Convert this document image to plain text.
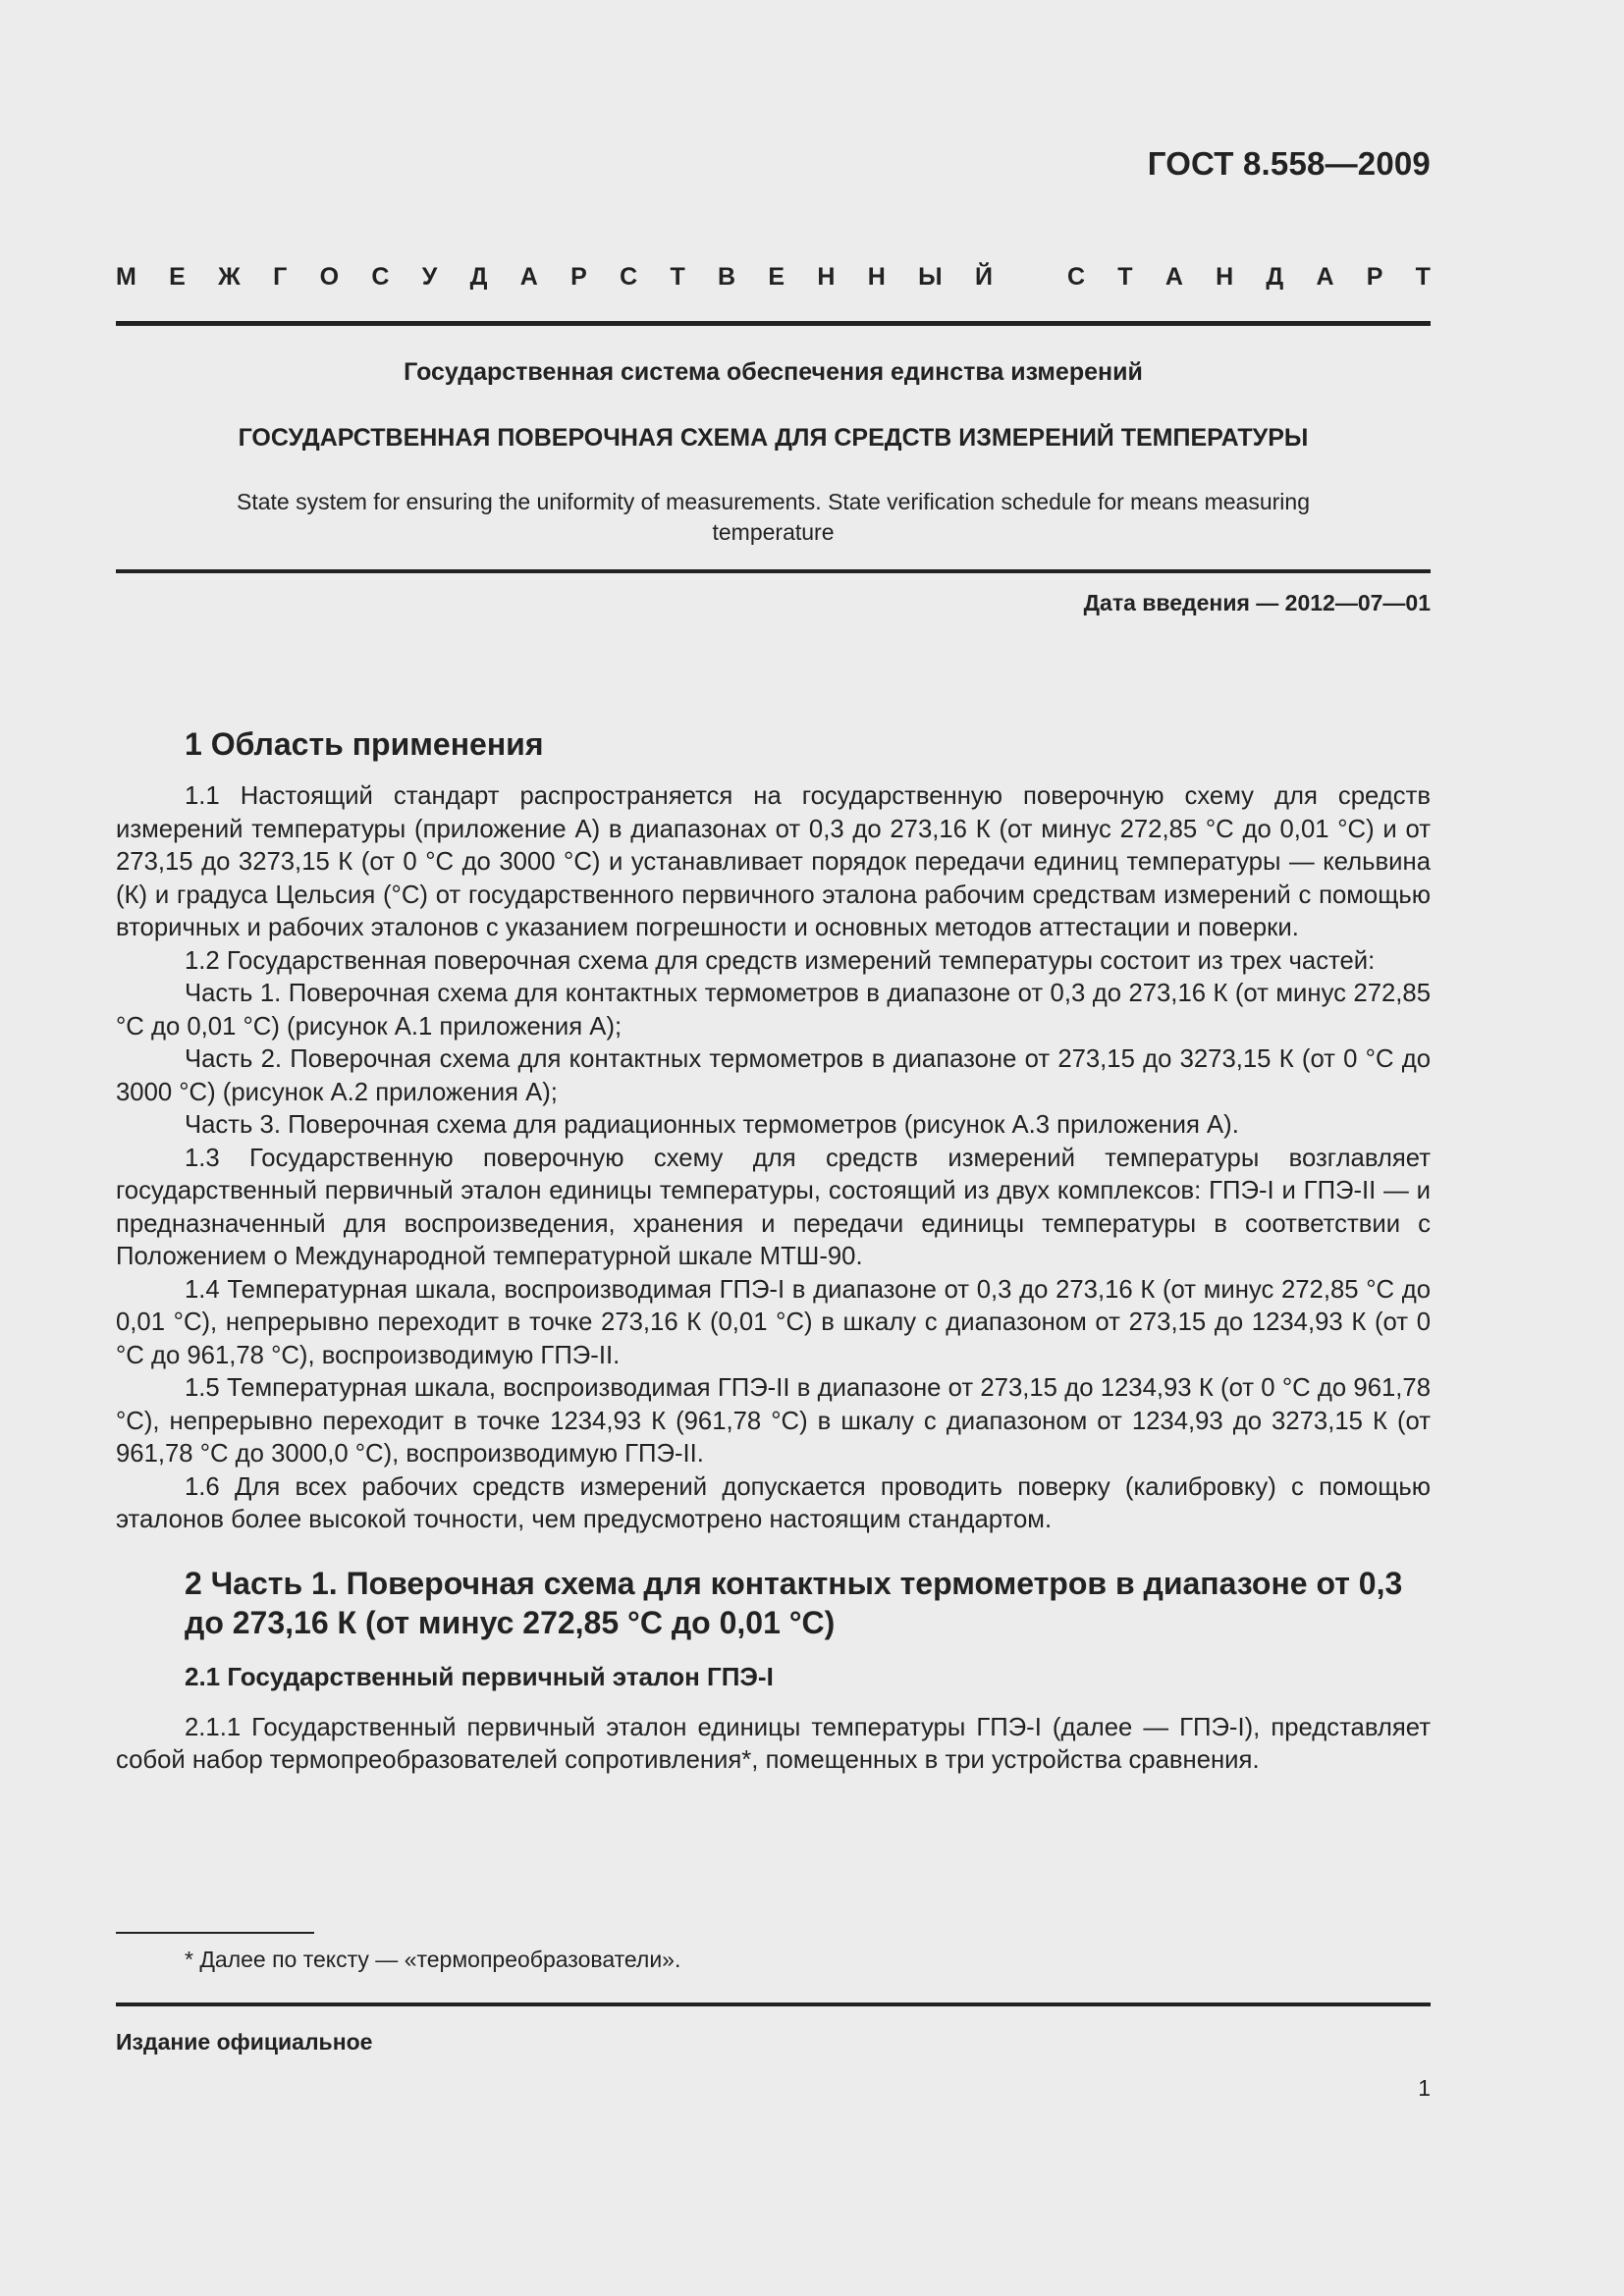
ГОСТ 8.558—2009
М Е Ж Г О С У Д А Р С Т В Е Н Н Ы Й	С Т А Н Д А Р Т
Государственная система обеспечения единства измерений
ГОСУДАРСТВЕННАЯ ПОВЕРОЧНАЯ СХЕМА ДЛЯ СРЕДСТВ ИЗМЕРЕНИЙ ТЕМПЕРАТУРЫ
State system for ensuring the uniformity of measurements. State verification schedule for means measuring temperature
Дата введения — 2012—07—01
1 Область применения

1.1 Настоящий стандарт распространяется на государственную поверочную схему для средств измерений температуры (приложение А) в диапазонах от 0,3 до 273,16 К (от минус 272,85 °С до 0,01 °С) и от 273,15 до 3273,15 К (от 0 °С до 3000 °С) и устанавливает порядок передачи единиц температуры — кельвина (К) и градуса Цельсия (°С) от государственного первичного эталона рабочим средствам измерений с помощью вторичных и рабочих эталонов с указанием погрешности и основных методов аттестации и поверки.

1.2 Государственная поверочная схема для средств измерений температуры состоит из трех частей:

Часть 1. Поверочная схема для контактных термометров в диапазоне от 0,3 до 273,16 К (от минус 272,85 °С до 0,01 °С) (рисунок А.1 приложения А);

Часть 2. Поверочная схема для контактных термометров в диапазоне от 273,15 до 3273,15 К (от 0 °С до 3000 °С) (рисунок А.2 приложения А);

Часть 3. Поверочная схема для радиационных термометров (рисунок А.3 приложения А).

1.3 Государственную поверочную схему для средств измерений температуры возглавляет государственный первичный эталон единицы температуры, состоящий из двух комплексов: ГПЭ-I и ГПЭ-II — и предназначенный для воспроизведения, хранения и передачи единицы температуры в соответствии с Положением о Международной температурной шкале МТШ-90.

1.4 Температурная шкала, воспроизводимая ГПЭ-I в диапазоне от 0,3 до 273,16 К (от минус 272,85 °С до 0,01 °С), непрерывно переходит в точке 273,16 К (0,01 °С) в шкалу с диапазоном от 273,15 до 1234,93 К (от 0 °С до 961,78 °С), воспроизводимую ГПЭ-II.

1.5 Температурная шкала, воспроизводимая ГПЭ-II в диапазоне от 273,15 до 1234,93 К (от 0 °С до 961,78 °С), непрерывно переходит в точке 1234,93 К (961,78 °С) в шкалу с диапазоном от 1234,93 до 3273,15 К (от 961,78 °С до 3000,0 °С), воспроизводимую ГПЭ-II.

1.6 Для всех рабочих средств измерений допускается проводить поверку (калибровку) с помощью эталонов более высокой точности, чем предусмотрено настоящим стандартом.

2 Часть 1. Поверочная схема для контактных термометров в диапазоне от 0,3 до 273,16 К (от минус 272,85 °С до 0,01 °С)
2.1 Государственный первичный эталон ГПЭ-I

2.1.1 Государственный первичный эталон единицы температуры ГПЭ-I (далее — ГПЭ-I), представляет собой набор термопреобразователей сопротивления*, помещенных в три устройства сравнения.

* Далее по тексту — «термопреобразователи».
Издание официальное
1
